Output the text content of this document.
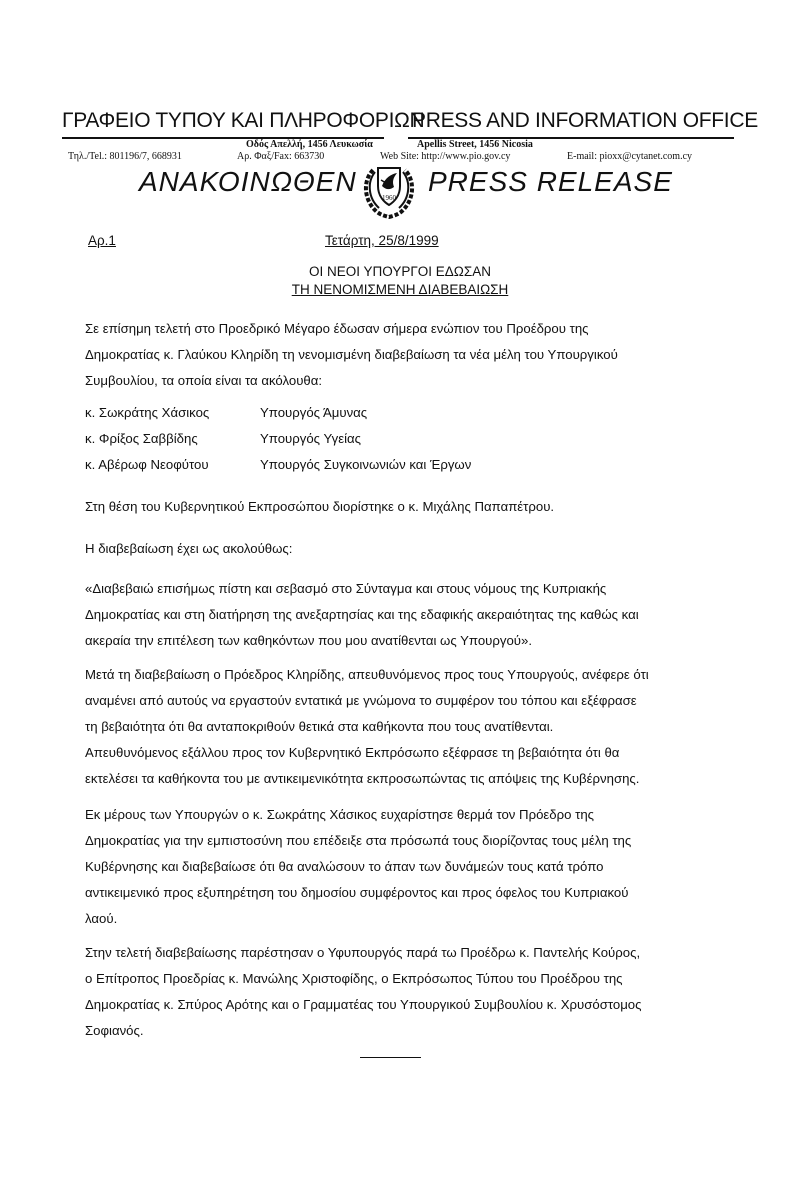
ΓΡΑΦΕΙΟ ΤΥΠΟΥ ΚΑΙ ΠΛΗΡΟΦΟΡΙΩΝ
PRESS AND INFORMATION OFFICE
Οδός Απελλή, 1456 Λευκωσία	Apellis Street, 1456 Nicosia
Τηλ./Tel.: 801196/7, 668931	Αρ. Φαξ/Fax: 663730	Web Site: http://www.pio.gov.cy	E-mail: pioxx@cytanet.com.cy
ΑΝΑΚΟΙΝΩΘΕΝ	PRESS RELEASE
1960
Αρ.1	Τετάρτη, 25/8/1999
ΟΙ ΝΕΟΙ ΥΠΟΥΡΓΟΙ ΕΔΩΣΑΝ
ΤΗ ΝΕΝΟΜΙΣΜΕΝΗ ΔΙΑΒΕΒΑΙΩΣΗ
Σε επίσημη τελετή στο Προεδρικό Μέγαρο έδωσαν σήμερα ενώπιον του Προέδρου της
Δημοκρατίας κ. Γλαύκου Κληρίδη τη νενομισμένη διαβεβαίωση τα νέα μέλη του Υπουργικού
Συμβουλίου, τα οποία είναι τα ακόλουθα:
κ. Σωκράτης Χάσικος	Υπουργός Άμυνας
κ. Φρίξος Σαββίδης	Υπουργός Υγείας
κ. Αβέρωφ Νεοφύτου	Υπουργός Συγκοινωνιών και Έργων
Στη θέση του Κυβερνητικού Εκπροσώπου διορίστηκε ο κ. Μιχάλης Παπαπέτρου.
Η διαβεβαίωση έχει ως ακολούθως:
«Διαβεβαιώ επισήμως πίστη και σεβασμό στο Σύνταγμα και στους νόμους της Κυπριακής
Δημοκρατίας και στη διατήρηση της ανεξαρτησίας και της εδαφικής ακεραιότητας της καθώς και
ακεραία την επιτέλεση των καθηκόντων που μου ανατίθενται ως Υπουργού».
Μετά τη διαβεβαίωση ο Πρόεδρος Κληρίδης, απευθυνόμενος προς τους Υπουργούς, ανέφερε ότι
αναμένει από αυτούς να εργαστούν εντατικά με γνώμονα το συμφέρον του τόπου και εξέφρασε
τη βεβαιότητα ότι θα ανταποκριθούν θετικά στα καθήκοντα που τους ανατίθενται.
Απευθυνόμενος εξάλλου προς τον Κυβερνητικό Εκπρόσωπο εξέφρασε τη βεβαιότητα ότι θα
εκτελέσει τα καθήκοντα του με αντικειμενικότητα εκπροσωπώντας τις απόψεις της Κυβέρνησης.
Εκ μέρους των Υπουργών ο κ. Σωκράτης Χάσικος ευχαρίστησε θερμά τον Πρόεδρο της
Δημοκρατίας για την εμπιστοσύνη που επέδειξε στα πρόσωπά τους διορίζοντας τους μέλη της
Κυβέρνησης και διαβεβαίωσε ότι θα αναλώσουν το άπαν των δυνάμεών τους κατά τρόπο
αντικειμενικό προς εξυπηρέτηση του δημοσίου συμφέροντος και προς όφελος του Κυπριακού
λαού.
Στην τελετή διαβεβαίωσης παρέστησαν ο Υφυπουργός παρά τω Προέδρω κ. Παντελής Κούρος,
ο Επίτροπος Προεδρίας κ. Μανώλης Χριστοφίδης, ο Εκπρόσωπος Τύπου του Προέδρου της
Δημοκρατίας κ. Σπύρος Αρότης και ο Γραμματέας του Υπουργικού Συμβουλίου κ. Χρυσόστομος
Σοφιανός.
